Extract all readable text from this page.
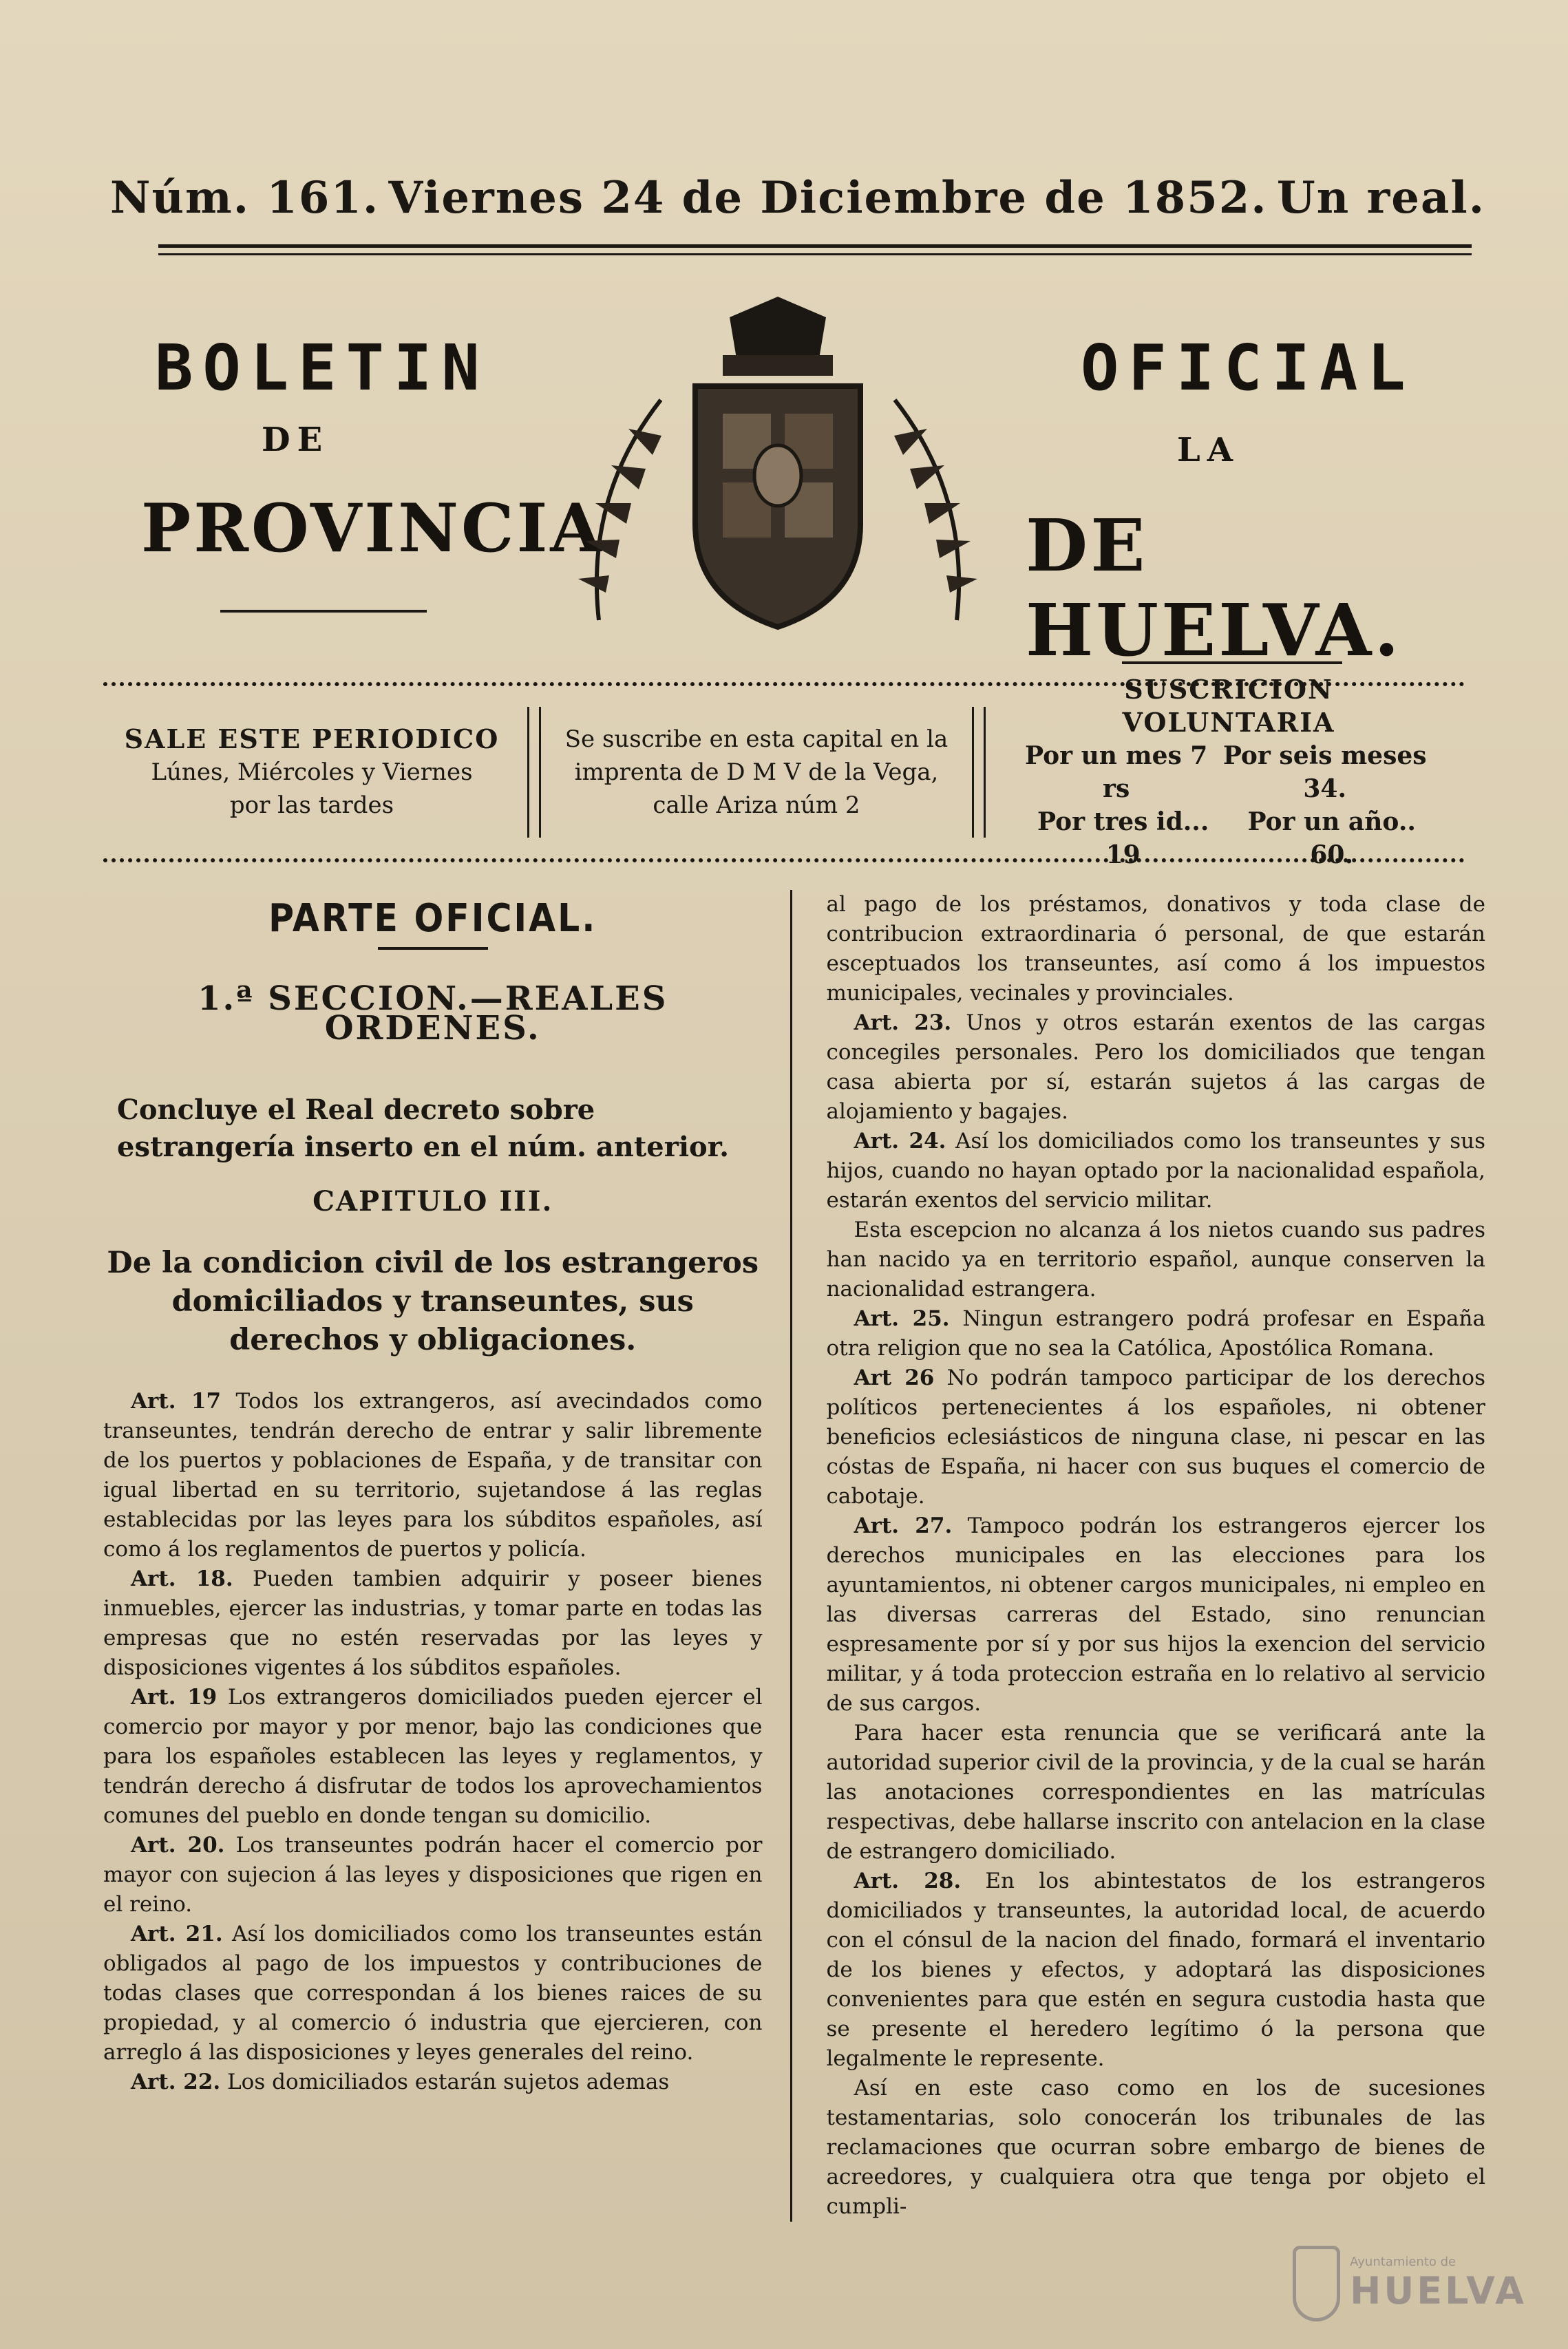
Núm. 161. Viernes 24 de Diciembre de 1852. Un real.
BOLETIN
DE
PROVINCIA
OFICIAL
LA
DE HUELVA.
SALE ESTE PERIODICO
Lúnes, Miércoles y Viernes
por las tardes
Se suscribe en esta capital en la
imprenta de D M V de la Vega,
calle Ariza núm 2
SUSCRICION VOLUNTARIA
Por un mes 7 rs
Por seis meses 34.
Por tres id... 19
Por un año.. 60.
PARTE OFICIAL.
1.ª SECCION.—REALES ORDENES.
Concluye el Real decreto sobre estrangería inserto en el núm. anterior.
CAPITULO III.
De la condicion civil de los estrangeros domiciliados y transeuntes, sus derechos y obligaciones.

Art. 17 Todos los extrangeros, así avecindados como transeuntes, tendrán derecho de entrar y salir libremente de los puertos y poblaciones de España, y de transitar con igual libertad en su territorio, sujetandose á las reglas establecidas por las leyes para los súbditos españoles, así como á los reglamentos de puertos y policía.

Art. 18. Pueden tambien adquirir y poseer bienes inmuebles, ejercer las industrias, y tomar parte en todas las empresas que no estén reservadas por las leyes y disposiciones vigentes á los súbditos españoles.

Art. 19 Los extrangeros domiciliados pueden ejercer el comercio por mayor y por menor, bajo las condiciones que para los españoles establecen las leyes y reglamentos, y tendrán derecho á disfrutar de todos los aprovechamientos comunes del pueblo en donde tengan su domicilio.

Art. 20. Los transeuntes podrán hacer el comercio por mayor con sujecion á las leyes y disposiciones que rigen en el reino.

Art. 21. Así los domiciliados como los transeuntes están obligados al pago de los impuestos y contribuciones de todas clases que correspondan á los bienes raices de su propiedad, y al comercio ó industria que ejercieren, con arreglo á las disposiciones y leyes generales del reino.

Art. 22. Los domiciliados estarán sujetos ademas

al pago de los préstamos, donativos y toda clase de contribucion extraordinaria ó personal, de que estarán esceptuados los transeuntes, así como á los impuestos municipales, vecinales y provinciales.

Art. 23. Unos y otros estarán exentos de las cargas concegiles personales. Pero los domiciliados que tengan casa abierta por sí, estarán sujetos á las cargas de alojamiento y bagajes.

Art. 24. Así los domiciliados como los transeuntes y sus hijos, cuando no hayan optado por la nacionalidad española, estarán exentos del servicio militar.

Esta escepcion no alcanza á los nietos cuando sus padres han nacido ya en territorio español, aunque conserven la nacionalidad estrangera.

Art. 25. Ningun estrangero podrá profesar en España otra religion que no sea la Católica, Apostólica Romana.

Art 26 No podrán tampoco participar de los derechos políticos pertenecientes á los españoles, ni obtener beneficios eclesiásticos de ninguna clase, ni pescar en las cóstas de España, ni hacer con sus buques el comercio de cabotaje.

Art. 27. Tampoco podrán los estrangeros ejercer los derechos municipales en las elecciones para los ayuntamientos, ni obtener cargos municipales, ni empleo en las diversas carreras del Estado, sino renuncian espresamente por sí y por sus hijos la exencion del servicio militar, y á toda proteccion estraña en lo relativo al servicio de sus cargos.

Para hacer esta renuncia que se verificará ante la autoridad superior civil de la provincia, y de la cual se harán las anotaciones correspondientes en las matrículas respectivas, debe hallarse inscrito con antelacion en la clase de estrangero domiciliado.

Art. 28. En los abintestatos de los estrangeros domiciliados y transeuntes, la autoridad local, de acuerdo con el cónsul de la nacion del finado, formará el inventario de los bienes y efectos, y adoptará las disposiciones convenientes para que estén en segura custodia hasta que se presente el heredero legítimo ó la persona que legalmente le represente.

Así en este caso como en los de sucesiones testamentarias, solo conocerán los tribunales de las reclamaciones que ocurran sobre embargo de bienes de acreedores, y cualquiera otra que tenga por objeto el cumpli-

Ayuntamiento de
HUELVA
